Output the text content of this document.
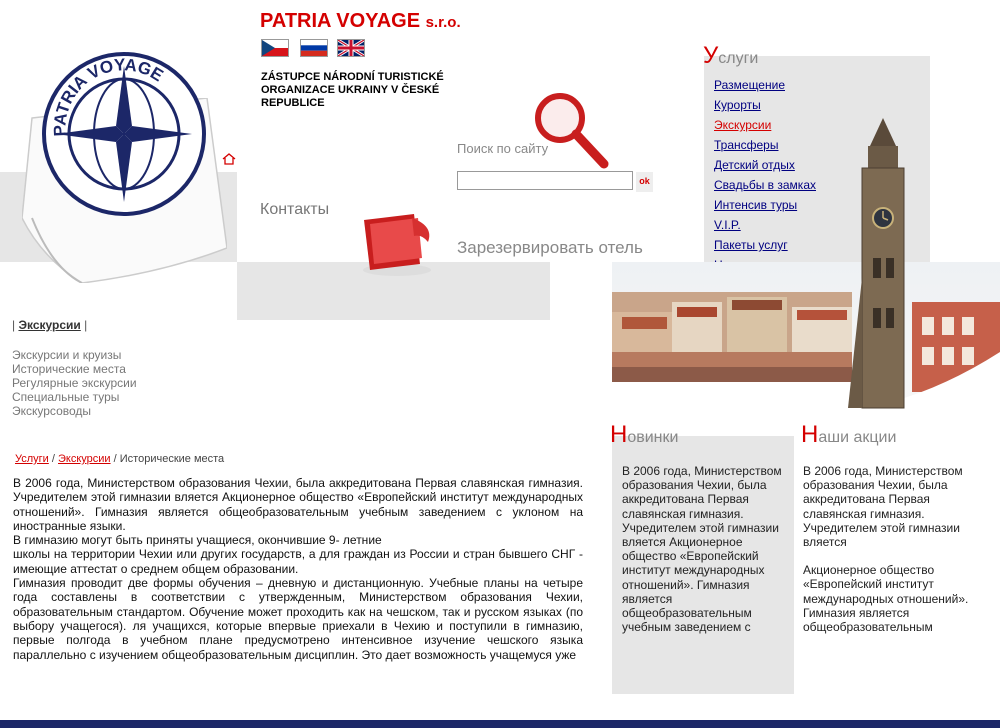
PATRIA VOYAGE
PATRIA VOYAGE s.r.o.
ZÁSTUPCE NÁRODNÍ TURISTICKÉ ORGANIZACE UKRAINY V ČESKÉ REPUBLICE
Поиск по сайту
ok
Контакты
Зарезервировать отель
Услуги
Размещение
Курорты
Экскурсии
Трансферы
Детский отдых
Свадьбы в замках
Интенсив туры
V.I.P.
Пакеты услуг
| Экскурсии |
Экскурсии и круизы
Исторические места
Регулярные экскурсии
Специальные туры
Экскурсоводы
Услуги / Экскурсии / Исторические места

В 2006 года, Министерством образования Чехии, была аккредитована Первая славянская гимназия. Учредителем этой гимназии вляется Акционерное общество «Европейский институт международных отношений». Гимназия является общеобразовательным учебным заведением с уклоном на иностранные языки.

В гимназию могут быть приняты учащиеся, окончившие 9- летние

школы на территории Чехии или других государств, а для граждан из России и стран бывшего СНГ - имеющие аттестат о среднем общем образовании.

Гимназия проводит две формы обучения – дневную и дистанционную. Учебные планы на четыре года составлены в соответствии с утвержденным, Министерством образования Чехии, образовательным стандартом. Обучение может проходить как на чешском, так и русском языках (по выбору учащегося). ля учащихся, которые впервые приехали в Чехию и поступили в гимназию, первые полгода в учебном плане предусмотрено интенсивное изучение чешского языка параллельно с изучением общеобразовательным дисциплин. Это дает возможность учащемуся уже

Новинки

В 2006 года, Министерством образования Чехии, была аккредитована Первая славянская гимназия. Учредителем этой гимназии вляется Акционерное общество «Европейский институт международных отношений». Гимназия является общеобразовательным учебным заведением с

Наши акции

В 2006 года, Министерством образования Чехии, была аккредитована Первая славянская гимназия. Учредителем этой гимназии вляется

Акционерное общество «Европейский институт международных отношений». Гимназия является общеобразовательным
